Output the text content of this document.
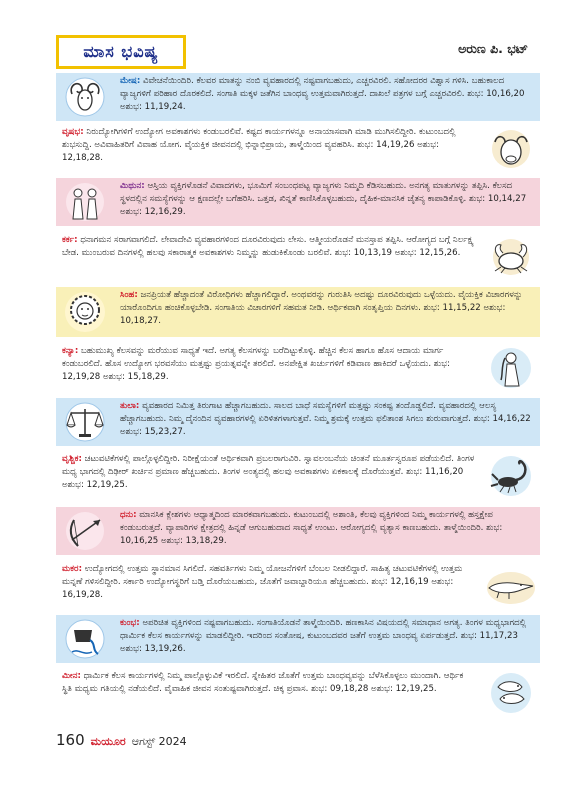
ಮಾಸ ಭವಿಷ್ಯ	ಅರುಣ ಪಿ. ಭಟ್
ಮೇಷ: ವಿವೇಚನೆಯಿಂದಿರಿ. ಕೆಲವರ ಮಾತನ್ನು ನಂಬಿ ವ್ಯವಹಾರದಲ್ಲಿ ನಷ್ಟವಾಗಬಹುದು, ಎಚ್ಚರವಿರಲಿ. ಸಹೋದರರ ವಿಶ್ವಾಸ ಗಳಿಸಿ. ಬಹುಕಾಲದ ವ್ಯಾಜ್ಯಗಳಿಗೆ ಪರಿಹಾರ ದೊರಕಲಿದೆ. ಸಂಗಾತಿ ಮಕ್ಕಳ ಜತೆಗಿನ ಬಾಂಧವ್ಯ ಉತ್ತಮವಾಗಿರುತ್ತದೆ. ದಾಖಲೆ ಪತ್ರಗಳ ಬಗ್ಗೆ ಎಚ್ಚರವಿರಲಿ. ಶುಭ: 10,16,20 ಅಶುಭ: 11,19,24.
ವೃಷಭ: ನಿರುದ್ಯೋಗಿಗಳಿಗೆ ಉದ್ಯೋಗ ಅವಕಾಶಗಳು ಕಂಡುಬರಲಿವೆ. ಕಷ್ಟದ ಕಾರ್ಯಗಳನ್ನೂ ಅನಾಯಾಸವಾಗಿ ಮಾಡಿ ಮುಗಿಸಲಿದ್ದೀರಿ. ಕುಟುಂಬದಲ್ಲಿ ಶುಭಸುದ್ದಿ. ಅವಿವಾಹಿತರಿಗೆ ವಿವಾಹ ಯೋಗ. ವೈಯಕ್ತಿಕ ಜೀವನದಲ್ಲಿ ಭಿನ್ನಾಭಿಪ್ರಾಯ, ತಾಳ್ಮೆಯಿಂದ ವ್ಯವಹರಿಸಿ. ಶುಭ: 14,19,26 ಅಶುಭ: 12,18,28.
ಮಿಥುನ: ಆಸ್ತಿಯ ವ್ಯಕ್ತಿಗಳೊಡನೆ ವಿವಾದಗಳು, ಭೂಮಿಗೆ ಸಂಬಂಧಪಟ್ಟ ವ್ಯಾಜ್ಯಗಳು ನಿಮ್ಮದಿ ಕೆಡಿಸಬಹುದು. ಅನಗತ್ಯ ಮಾತುಗಳನ್ನು ತಪ್ಪಿಸಿ. ಕೆಲಸದ ಸ್ಥಳದಲ್ಲಿನ ಸಮಸ್ಯೆಗಳನ್ನು ಆ ಕ್ಷಣದಲ್ಲೇ ಬಗೆಹರಿಸಿ. ಒತ್ತಡ, ಖಿನ್ನತೆ ಕಾಣಿಸಿಕೊಳ್ಳಬಹುದು, ದೈಹಿಕ-ಮಾನಸಿಕ ಚೈತನ್ಯ ಕಾಪಾಡಿಕೊಳ್ಳಿ. ಶುಭ: 10,14,27 ಅಶುಭ: 12,16,29.
ಕರ್ಕ: ಧನಾಗಮನ ಸರಾಗವಾಗಲಿದೆ. ಲೇವಾದೇವಿ ವ್ಯವಹಾರಗಳಿಂದ ದೂರವಿರುವುದು ಲೇಸು. ಆತ್ಮೀಯರೊಡನೆ ಮನಸ್ತಾಪ ತಪ್ಪಿಸಿ. ಆರೋಗ್ಯದ ಬಗ್ಗೆ ನಿರ್ಲಕ್ಷ್ಯ ಬೇಡ. ಮುಂಬರುವ ದಿನಗಳಲ್ಲಿ ಹಲವು ಸಕಾರಾತ್ಮಕ ಅವಕಾಶಗಳು ನಿಮ್ಮನ್ನು ಹುಡುಕಿಕೊಂಡು ಬರಲಿವೆ. ಶುಭ: 10,13,19 ಅಶುಭ: 12,15,26.
ಸಿಂಹ: ಜನಪ್ರಿಯತೆ ಹೆಚ್ಚಾದಂತೆ ವಿರೋಧಿಗಳು ಹೆಚ್ಚಾಗಲಿದ್ದಾರೆ. ಅಂಥವರನ್ನು ಗುರುತಿಸಿ ಅದಷ್ಟು ದೂರವಿರುವುದು ಒಳ್ಳೆಯದು. ವೈಯಕ್ತಿಕ ವಿಚಾರಗಳನ್ನು ಯಾರೊಂದಿಗೂ ಹಂಚಿಕೊಳ್ಳಬೇಡಿ. ಸಂಗಾತಿಯ ವಿಚಾರಗಳಿಗೆ ಸಹಮತ ನೀಡಿ. ಆರ್ಥಿಕವಾಗಿ ಸಂತೃಪ್ತಿಯ ದಿನಗಳು. ಶುಭ: 11,15,22 ಅಶುಭ: 10,18,27.
ಕನ್ಯಾ: ಬಹುಮುಖ್ಯ ಕೆಲಸವನ್ನು ಮರೆಯುವ ಸಾಧ್ಯತೆ ಇದೆ. ಅಗತ್ಯ ಕೆಲಸಗಳನ್ನು ಬರೆದಿಟ್ಟುಕೊಳ್ಳಿ. ಹೆಚ್ಚಿನ ಕೆಲಸ ಹಾಗೂ ಹೊಸ ಆದಾಯ ಮಾರ್ಗ ಕಂಡುಬರಲಿದೆ. ಹೊಸ ಉದ್ಯೋಗ ಭರವಸೆಯು ಮತ್ತಷ್ಟು ಪ್ರಯತ್ನವನ್ನೇ ತರಲಿದೆ. ಅನಪೇಕ್ಷಿತ ಖರ್ಚುಗಳಿಗೆ ಕಡಿವಾಣ ಹಾಕಿದರೆ ಒಳ್ಳೆಯದು. ಶುಭ: 12,19,28 ಅಶುಭ: 15,18,29.
ತುಲಾ: ವ್ಯವಹಾರದ ನಿಮಿತ್ತ ತಿರುಗಾಟ ಹೆಚ್ಚಾಗಬಹುದು. ಸಾಲದ ಬಾಧೆ ಸಮಸ್ಯೆಗಳಿಗೆ ಮತ್ತಷ್ಟು ಸಂಕಷ್ಟ ತಂದೊಡ್ಡಲಿದೆ. ವ್ಯವಹಾರದಲ್ಲಿ ಆಲಸ್ಯ ಹೆಚ್ಚಾಗಬಹುದು. ನಿಮ್ಮ ದೈನಂದಿನ ವ್ಯವಹಾರಗಳಲ್ಲಿ ಏರಿಳಿತಗಳಾಗುತ್ತವೆ. ನಿಮ್ಮ ಶ್ರಮಕ್ಕೆ ಉತ್ತಮ ಫಲಿತಾಂಶ ಸಿಗಲು ಶುರುವಾಗುತ್ತದೆ. ಶುಭ: 14,16,22 ಅಶುಭ: 15,23,27.
ವೃಶ್ಚಿಕ: ಚಟುವಟಿಕೆಗಳಲ್ಲಿ ಪಾಲ್ಗೊಳ್ಳಲಿದ್ದೀರಿ. ನಿರೀಕ್ಷೆಯಂತೆ ಆರ್ಥಿಕವಾಗಿ ಪ್ರಬಲರಾಗುವಿರಿ. ಸ್ವಾವಲಂಬನೆಯ ಚಿಂತನೆ ಮೂರ್ತಸ್ವರೂಪ ಪಡೆಯಲಿದೆ. ತಿಂಗಳ ಮಧ್ಯ ಭಾಗದಲ್ಲಿ ದಿಢೀರ್ ಖರ್ಚಿನ ಪ್ರಮಾಣ ಹೆಚ್ಚಬಹುದು. ತಿಂಗಳ ಅಂತ್ಯದಲ್ಲಿ ಹಲವು ಅವಕಾಶಗಳು ಏಕಕಾಲಕ್ಕೆ ದೊರೆಯುತ್ತವೆ. ಶುಭ: 11,16,20 ಅಶುಭ: 12,19,25.
ಧನು: ಮಾನಸಿಕ ಕ್ಲೇಶಗಳು ಆಧ್ಯಾತ್ಮದಿಂದ ಮಾರಕವಾಗಬಹುದು. ಕುಟುಂಬದಲ್ಲಿ ಅಶಾಂತಿ, ಕೆಲವು ವ್ಯಕ್ತಿಗಳಿಂದ ನಿಮ್ಮ ಕಾರ್ಯಗಳಲ್ಲಿ ಹಸ್ತಕ್ಷೇಪ ಕಂಡುಬರುತ್ತದೆ. ವ್ಯಾಪಾರಿಗಳ ಕ್ಷೇತ್ರದಲ್ಲಿ ಹಿನ್ನಡೆ ಆಗುಬಹುದಾದ ಸಾಧ್ಯತೆ ಉಂಟು. ಆರೋಗ್ಯದಲ್ಲಿ ವ್ಯತ್ಯಾಸ ಕಾಣಬಹುದು. ತಾಳ್ಮೆಯಿಂದಿರಿ. ಶುಭ: 10,16,25 ಅಶುಭ: 13,18,29.
ಮಕರ: ಉದ್ಯೋಗದಲ್ಲಿ ಉತ್ತಮ ಸ್ಥಾನಮಾನ ಸಿಗಲಿದೆ. ಸಹವರ್ತಿಗಳು ನಿಮ್ಮ ಯೋಜನೆಗಳಿಗೆ ಬೆಂಬಲ ನೀಡಲಿದ್ದಾರೆ. ಸಾಹಿತ್ಯ ಚಟುವಟಿಕೆಗಳಲ್ಲಿ ಉತ್ತಮ ಮನ್ನಣೆ ಗಳಿಸಲಿದ್ದೀರಿ. ಸರ್ಕಾರಿ ಉದ್ಯೋಗಸ್ಥರಿಗೆ ಬಡ್ತಿ ದೊರೆಯಬಹುದು, ಜೊತೆಗೆ ಜವಾಬ್ದಾರಿಯೂ ಹೆಚ್ಚಬಹುದು. ಶುಭ: 12,16,19 ಅಶುಭ: 16,19,28.
ಕುಂಭ: ಅಪರಿಚಿತ ವ್ಯಕ್ತಿಗಳಿಂದ ನಷ್ಟವಾಗಬಹುದು. ಸಂಗಾತಿಯೊಡನೆ ತಾಳ್ಮೆಯಿಂದಿರಿ. ಹಣಕಾಸಿನ ವಿಷಯದಲ್ಲಿ ಸಮಾಧಾನ ಅಗತ್ಯ. ತಿಂಗಳ ಮಧ್ಯಭಾಗದಲ್ಲಿ ಧಾರ್ಮಿಕ ಕೆಲಸ ಕಾರ್ಯಗಳನ್ನು ಮಾಡಲಿದ್ದೀರಿ. ಇದರಿಂದ ಸಂತೋಷ, ಕುಟುಂಬದವರ ಜತೆಗೆ ಉತ್ತಮ ಬಾಂಧವ್ಯ ಏರ್ಪಡುತ್ತದೆ. ಶುಭ: 11,17,23 ಅಶುಭ: 13,19,26.
ಮೀನ: ಧಾರ್ಮಿಕ ಕೆಲಸ ಕಾರ್ಯಗಳಲ್ಲಿ ನಿಮ್ಮ ಪಾಲ್ಗೊಳ್ಳುವಿಕೆ ಇರಲಿದೆ. ಸ್ನೇಹಿತರ ಜೊತೆಗೆ ಉತ್ತಮ ಬಾಂಧವ್ಯವನ್ನು ಬೆಳೆಸಿಕೊಳ್ಳಲು ಮುಂದಾಗಿ. ಆರ್ಥಿಕ ಸ್ಥಿತಿ ಮಧ್ಯಮ ಗತಿಯಲ್ಲಿ ನಡೆಯಲಿದೆ. ವೈವಾಹಿಕ ಜೀವನ ಸಂತುಷ್ಟವಾಗಿರುತ್ತದೆ. ಚಿಕ್ಕ ಪ್ರವಾಸ. ಶುಭ: 09,18,28 ಅಶುಭ: 12,19,25.
160 ಮಯೂರ ಆಗಸ್ಟ್ 2024
